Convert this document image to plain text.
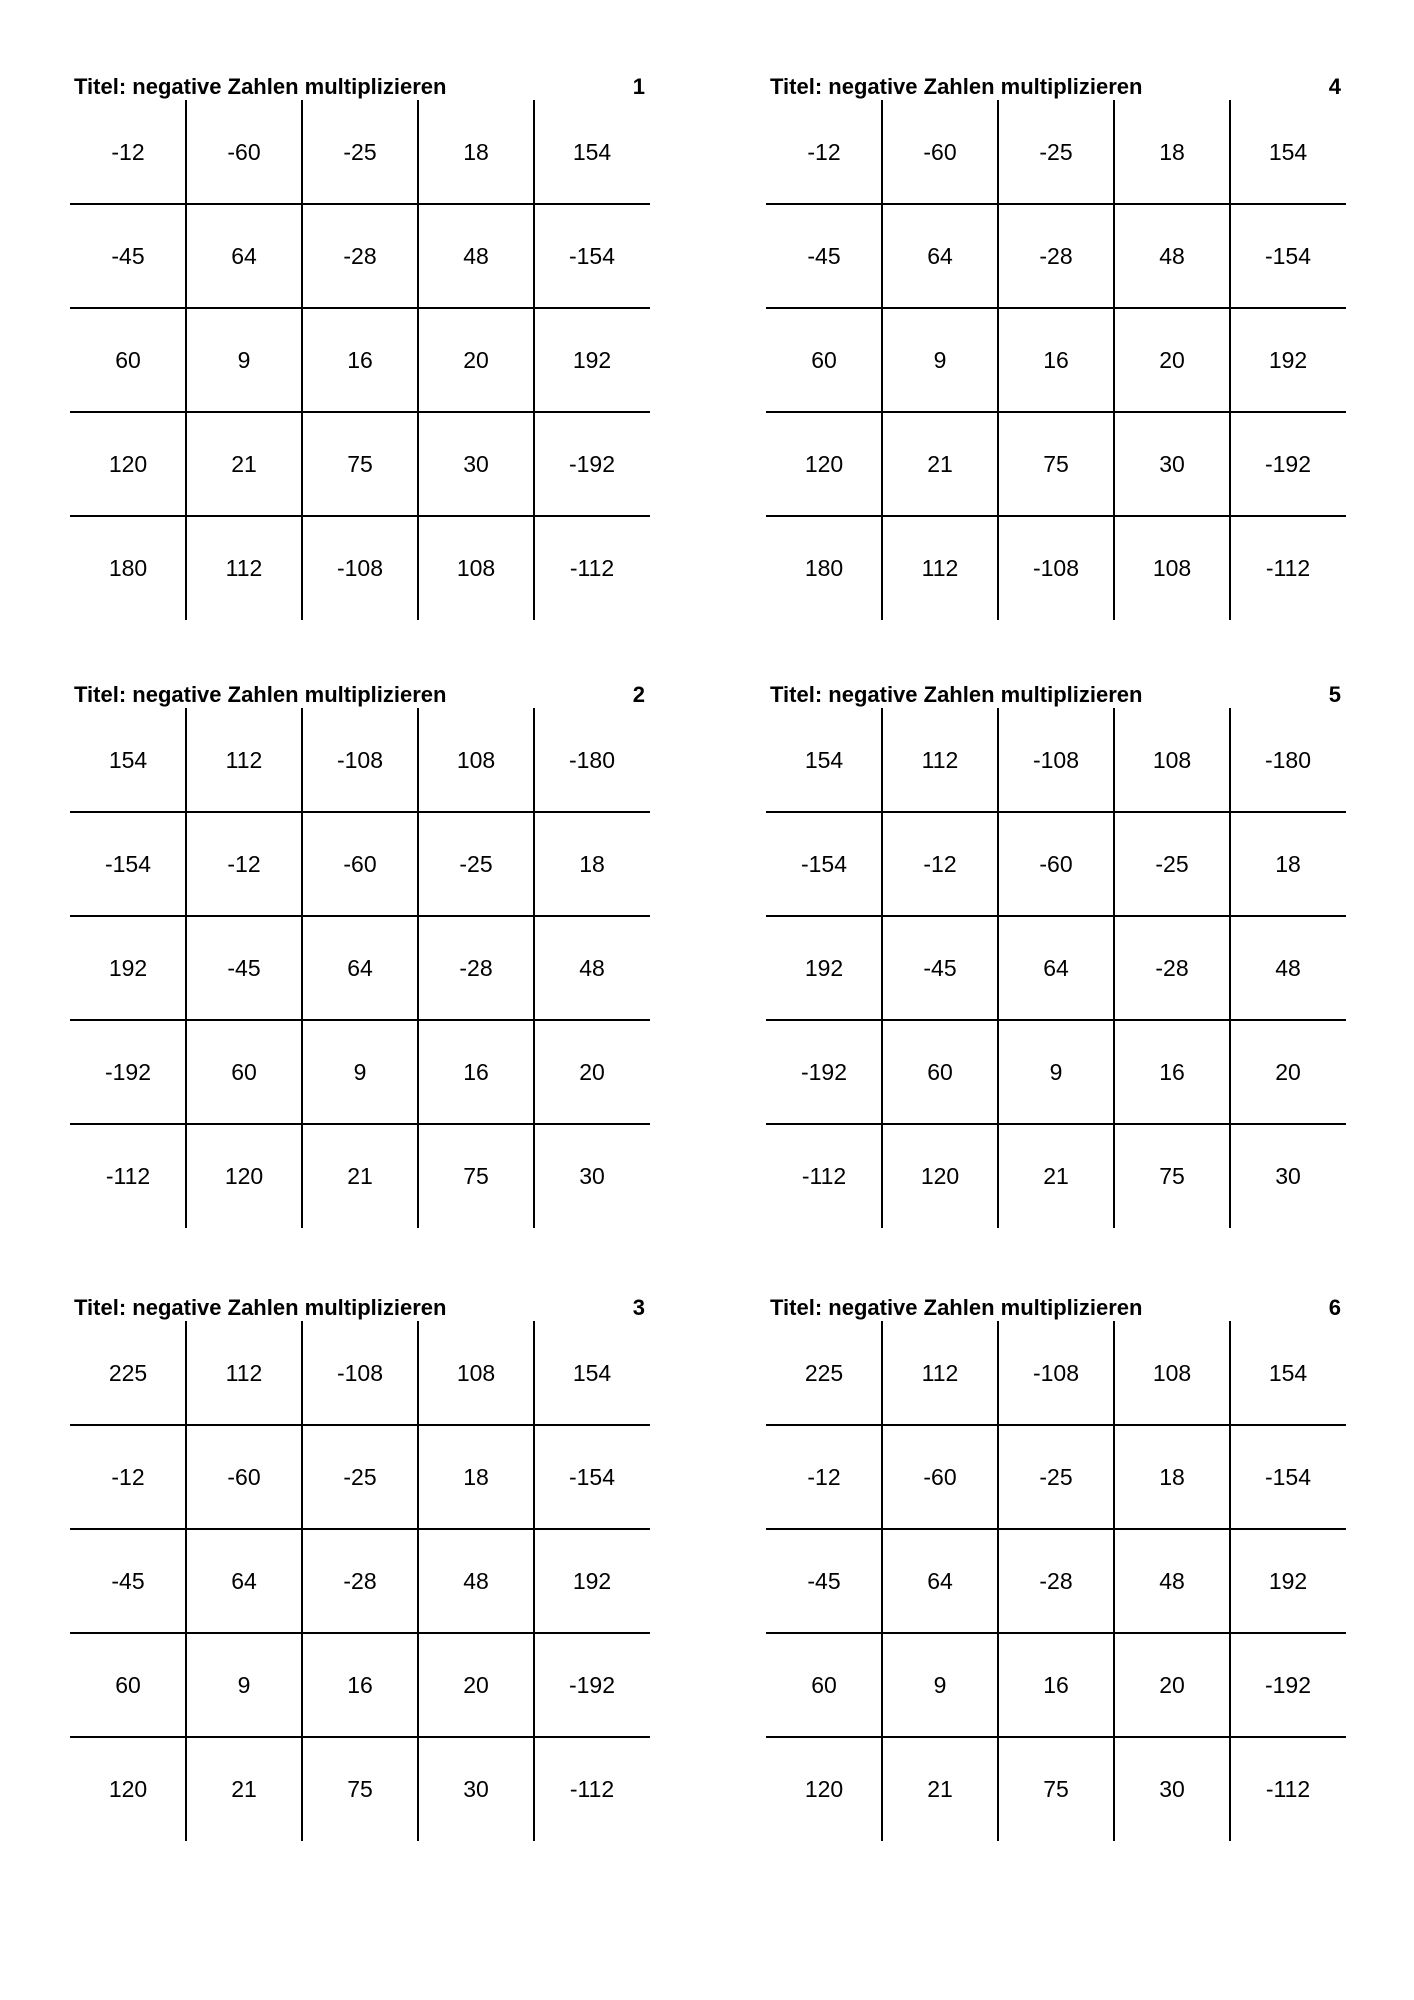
Titel: negative Zahlen multiplizieren	1
-12	-60	-25	18	154
-45	64	-28	48	-154
60	9	16	20	192
120	21	75	30	-192
180	112	-108	108	-112
Titel: negative Zahlen multiplizieren	2
154	112	-108	108	-180
-154	-12	-60	-25	18
192	-45	64	-28	48
-192	60	9	16	20
-112	120	21	75	30
Titel: negative Zahlen multiplizieren	3
225	112	-108	108	154
-12	-60	-25	18	-154
-45	64	-28	48	192
60	9	16	20	-192
120	21	75	30	-112
Titel: negative Zahlen multiplizieren	4
-12	-60	-25	18	154
-45	64	-28	48	-154
60	9	16	20	192
120	21	75	30	-192
180	112	-108	108	-112
Titel: negative Zahlen multiplizieren	5
154	112	-108	108	-180
-154	-12	-60	-25	18
192	-45	64	-28	48
-192	60	9	16	20
-112	120	21	75	30
Titel: negative Zahlen multiplizieren	6
225	112	-108	108	154
-12	-60	-25	18	-154
-45	64	-28	48	192
60	9	16	20	-192
120	21	75	30	-112
